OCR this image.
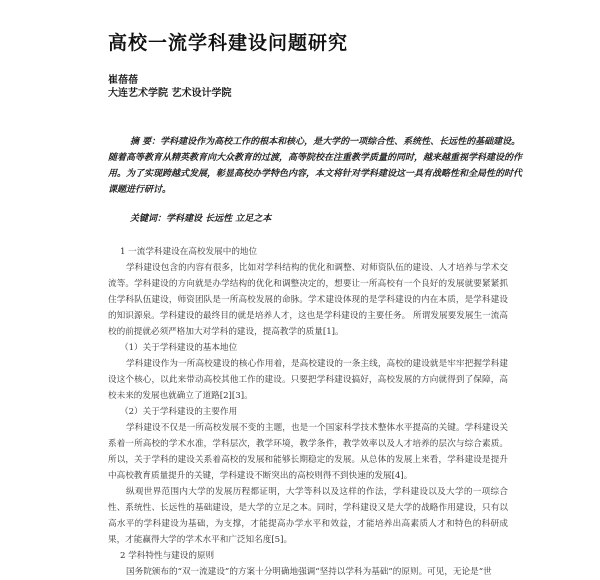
高校一流学科建设问题研究
崔蓓蓓
大连艺术学院 艺术设计学院
摘 要：学科建设作为高校工作的根本和核心，是大学的一项综合性、系统性、长远性的基础建设。随着高等教育从精英教育向大众教育的过渡，高等院校在注重教学质量的同时，越来越重视学科建设的作用。为了实现跨越式发展，彰显高校办学特色内容，本文将针对学科建设这一具有战略性和全局性的时代课题进行研讨。
关键词：学科建设 长远性 立足之本
1 一流学科建设在高校发展中的地位
学科建设包含的内容有很多，比如对学科结构的优化和调整、对师资队伍的建设、人才培养与学术交流等。学科建设的方向就是办学结构的优化和调整决定的，想要让一所高校有一个良好的发展就要紧紧抓住学科队伍建设，师资团队是一所高校发展的命脉。学术建设体现的是学科建设的内在本质，是学科建设的知识源泉。学科建设的最终目的就是培养人才，这也是学科建设的主要任务。 所谓发展要发展生一流高校的前提就必须严格加大对学科的建设，提高教学的质量[1]。
（1）关于学科建设的基本地位
学科建设作为一所高校建设的核心作用着，是高校建设的一条主线，高校的建设就是牢牢把握学科建设这个核心，以此来带动高校其他工作的建设。只要把学科建设搞好，高校发展的方向就得到了保障，高校未来的发展也就确立了道路[2][3]。
（2）关于学科建设的主要作用
学科建设不仅是一所高校发展不变的主题，也是一个国家科学技术整体水平提高的关键。学科建设关系着一所高校的学术水准，学科层次，教学环境，教学条件，教学效率以及人才培养的层次与综合素质。所以，关于学科的建设关系着高校的发展和能够长期稳定的发展。从总体的发展上来看，学科建设是提升中高校教育质量提升的关键，学科建设不断突出的高校则得不到快速的发展[4]。
纵观世界范围内大学的发展历程都证明，大学等科以及这样的作法，学科建设以及大学的一项综合性、系统性、长远性的基础建设，是大学的立足之本。同时，学科建设又是大学的战略作用建设，只有以高水平的学科建设为基础，为支撑，才能提高办学水平和效益，才能培养出高素质人才和特色的科研成果，才能赢得大学的学术水平和广泛知名度[5]。
2 学科特性与建设的原则
国务院颁布的“双一流建设”的方案十分明确地强调“坚持以学科为基础”的原则。可见，无论是“世
